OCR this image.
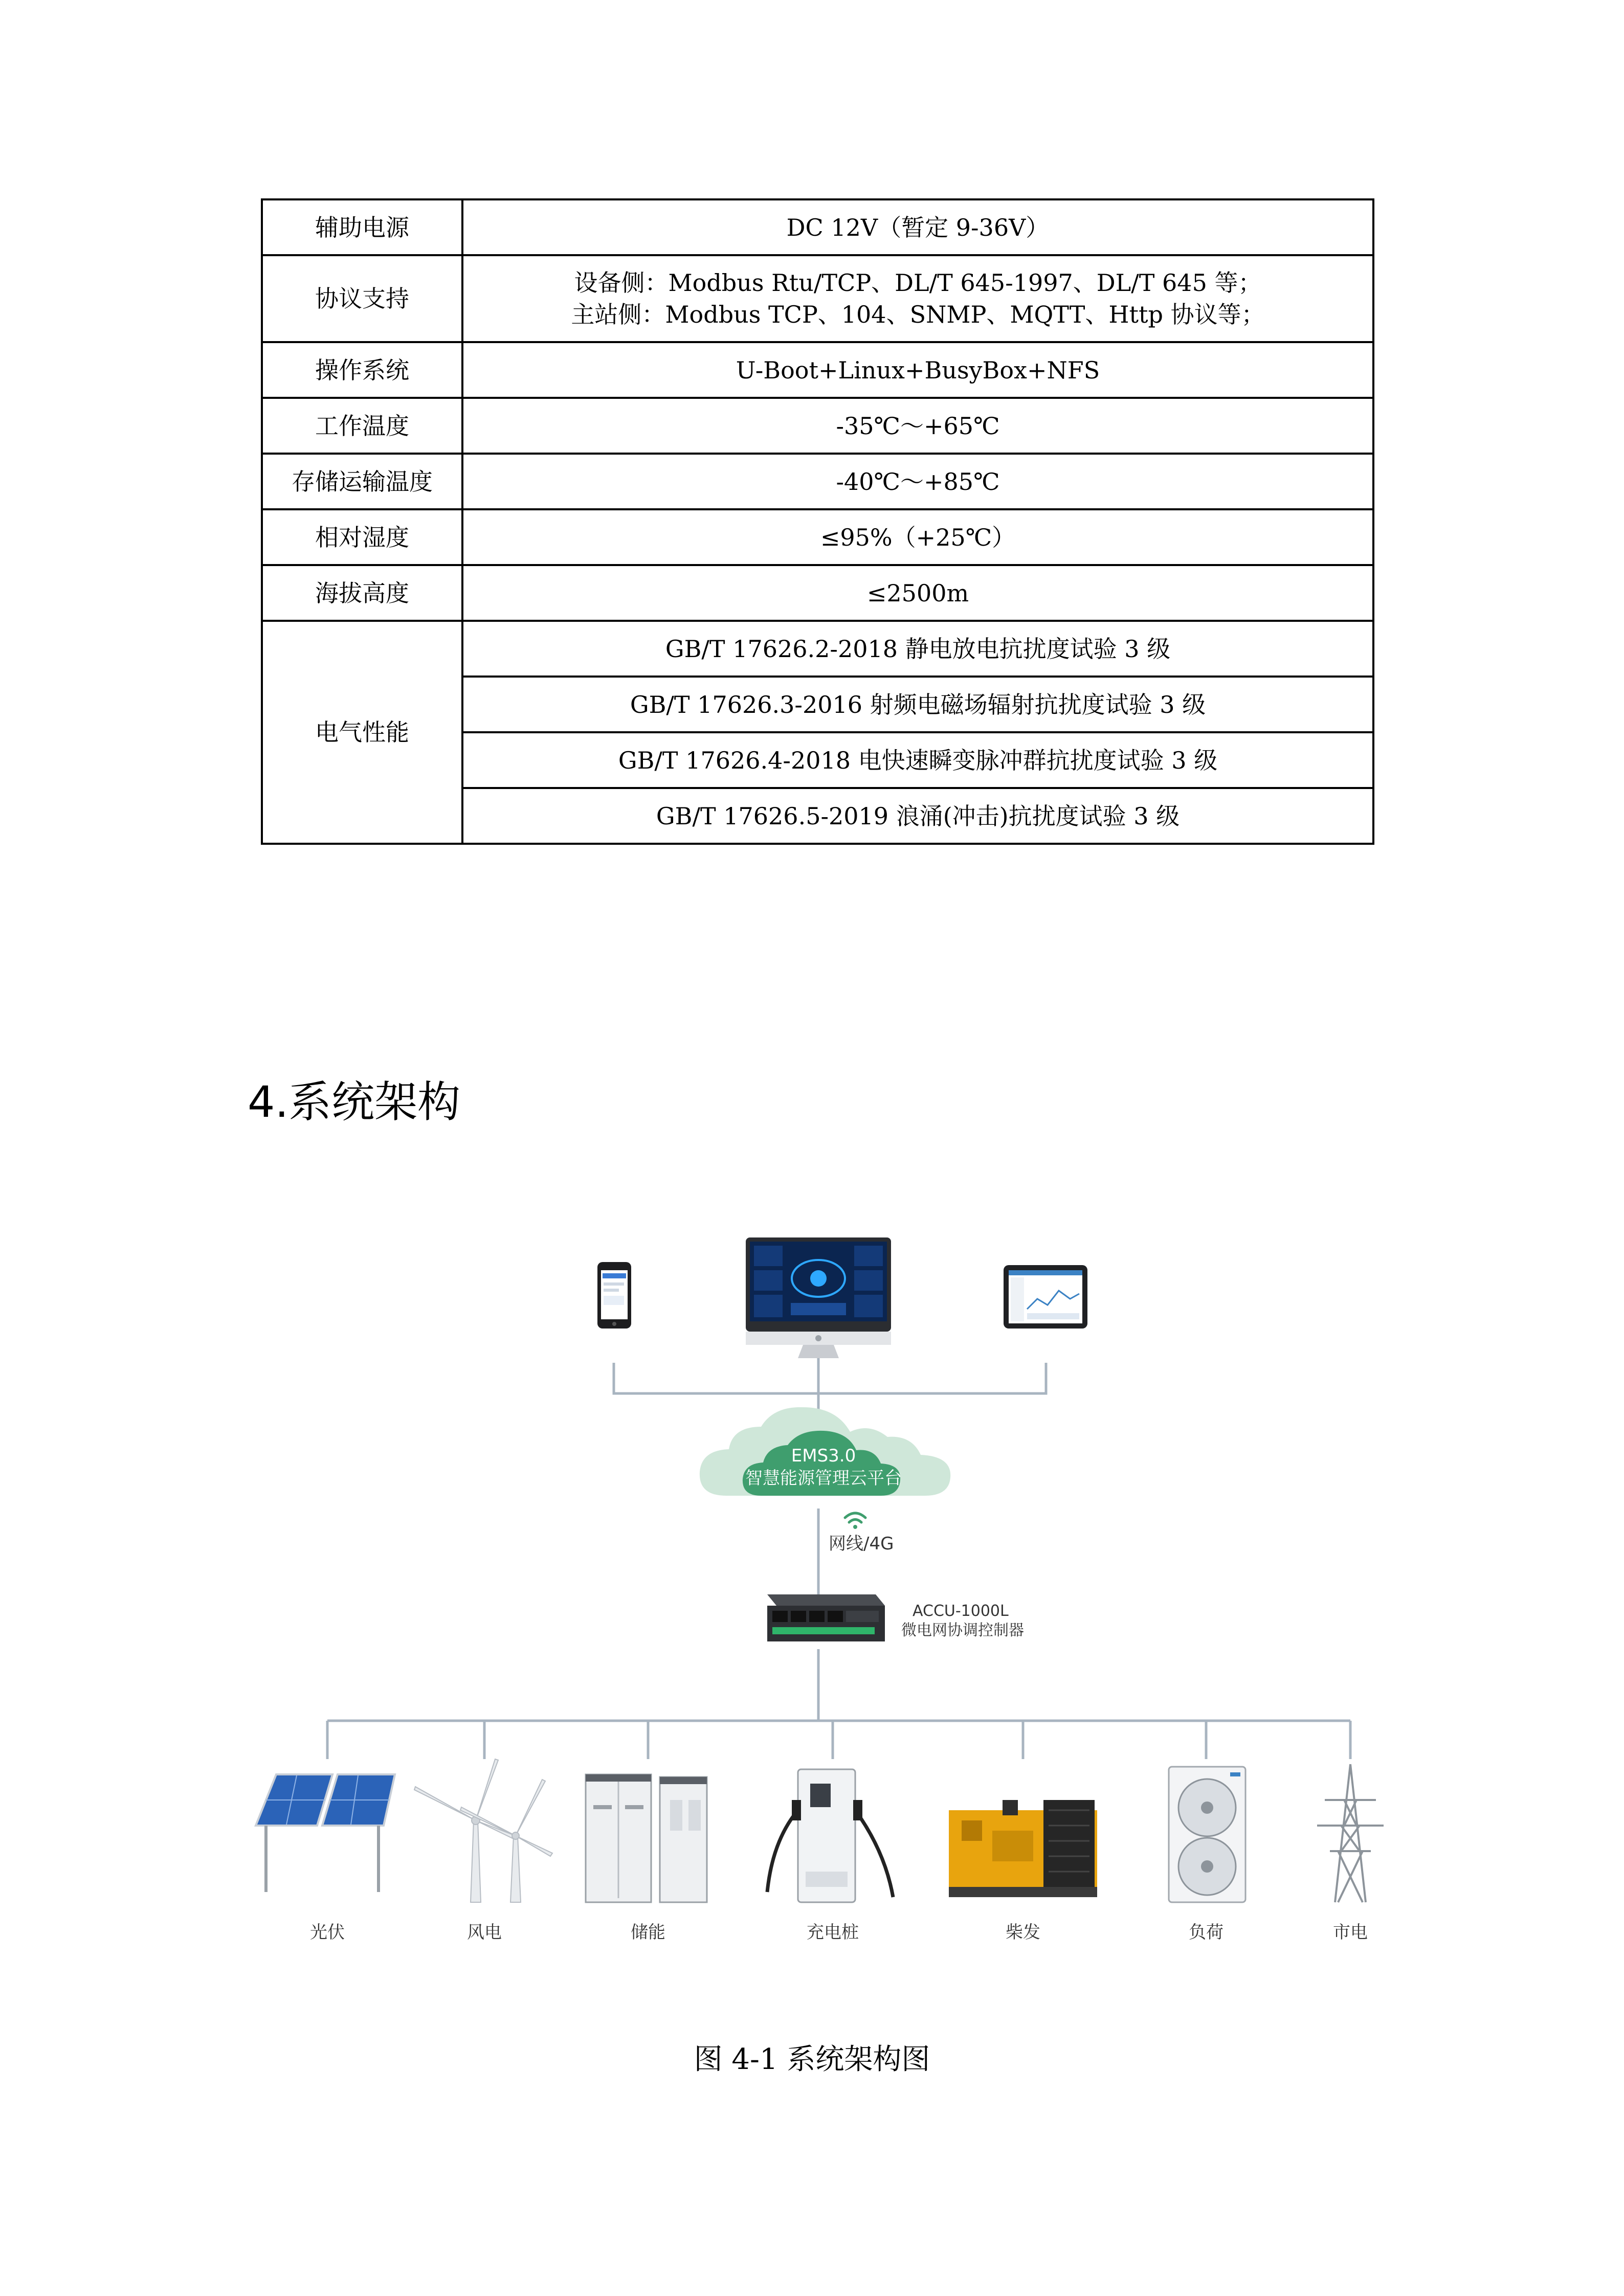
辅助电源	DC 12V（暂定 9-36V）
协议支持	设备侧：Modbus Rtu/TCP、DL/T 645-1997、DL/T 645 等；
主站侧：Modbus TCP、104、SNMP、MQTT、Http 协议等；

操作系统	U-Boot+Linux+BusyBox+NFS
工作温度	-35℃～+65℃
存储运输温度	-40℃～+85℃
相对湿度	≤95%（+25℃）
海拔高度	≤2500m
电气性能	GB/T 17626.2-2018 静电放电抗扰度试验 3 级
	GB/T 17626.3-2016 射频电磁场辐射抗扰度试验 3 级
	GB/T 17626.4-2018 电快速瞬变脉冲群抗扰度试验 3 级
	GB/T 17626.5-2019 浪涌(冲击)抗扰度试验 3 级
4.系统架构
EMS3.0
智慧能源管理云平台
网线/4G
ACCU-1000L
微电网协调控制器
光伏	风电	储能	充电桩	柴发	负荷	市电
图 4-1 系统架构图
